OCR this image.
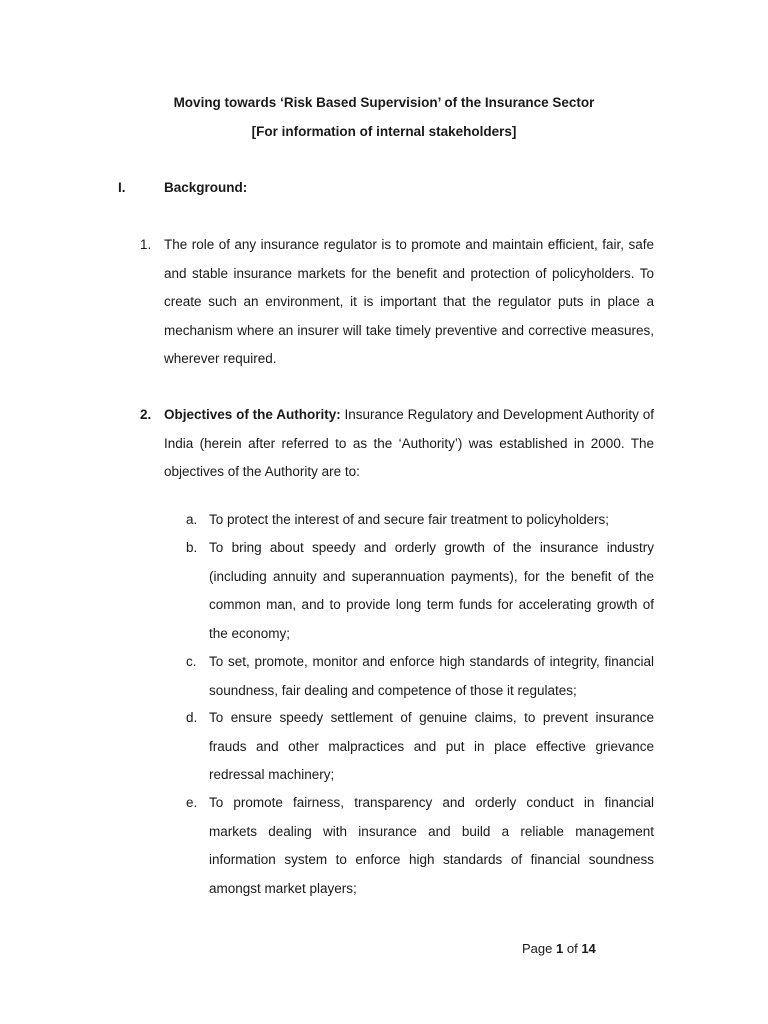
Moving towards ‘Risk Based Supervision’ of the Insurance Sector
[For information of internal stakeholders]
I.	Background:
1. The role of any insurance regulator is to promote and maintain efficient, fair, safe and stable insurance markets for the benefit and protection of policyholders. To create such an environment, it is important that the regulator puts in place a mechanism where an insurer will take timely preventive and corrective measures, wherever required.
2. Objectives of the Authority: Insurance Regulatory and Development Authority of India (herein after referred to as the ‘Authority’) was established in 2000. The objectives of the Authority are to:
a. To protect the interest of and secure fair treatment to policyholders;
b. To bring about speedy and orderly growth of the insurance industry (including annuity and superannuation payments), for the benefit of the common man, and to provide long term funds for accelerating growth of the economy;
c. To set, promote, monitor and enforce high standards of integrity, financial soundness, fair dealing and competence of those it regulates;
d. To ensure speedy settlement of genuine claims, to prevent insurance frauds and other malpractices and put in place effective grievance redressal machinery;
e. To promote fairness, transparency and orderly conduct in financial markets dealing with insurance and build a reliable management information system to enforce high standards of financial soundness amongst market players;
Page 1 of 14
